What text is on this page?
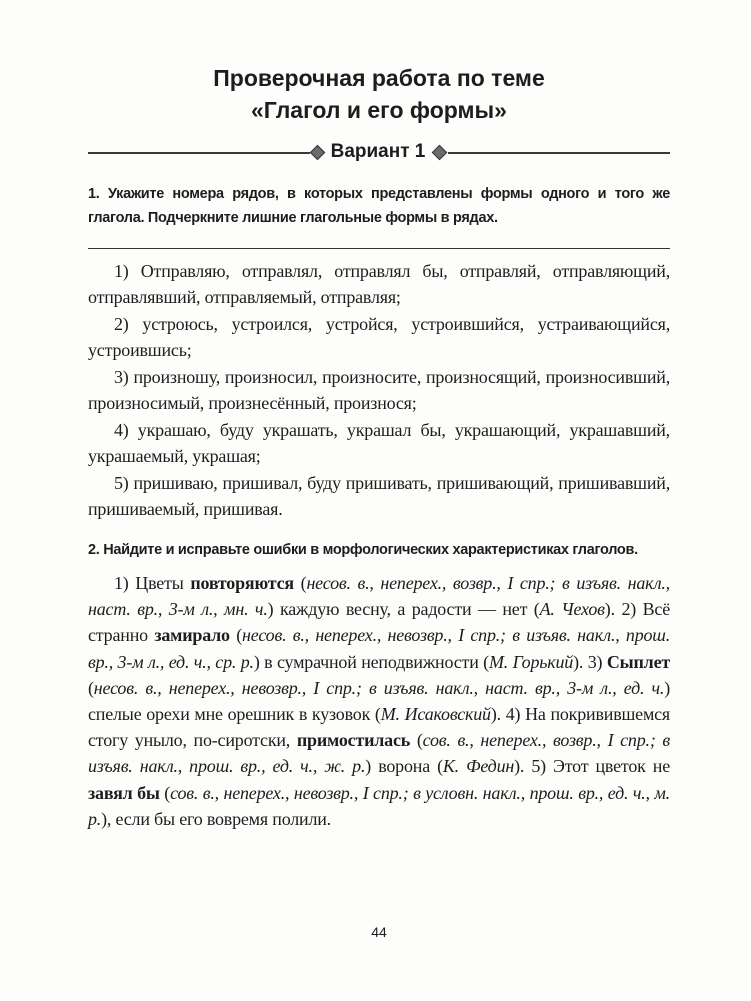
Проверочная работа по теме
«Глагол и его формы»
Вариант 1
1. Укажите номера рядов, в которых представлены формы одного и того же глагола. Подчеркните лишние глагольные формы в рядах.

1) Отправляю, отправлял, отправлял бы, отправляй, отправляющий, отправлявший, отправляемый, отправляя;

2) устроюсь, устроился, устройся, устроившийся, устраивающийся, устроившись;

3) произношу, произносил, произносите, произносящий, произносивший, произносимый, произнесённый, произнося;

4) украшаю, буду украшать, украшал бы, украшающий, украшавший, украшаемый, украшая;

5) пришиваю, пришивал, буду пришивать, пришивающий, пришивавший, пришиваемый, пришивая.

2. Найдите и исправьте ошибки в морфологических характеристиках глаголов.

1) Цветы повторяются (несов. в., неперех., возвр., I спр.; в изъяв. накл., наст. вр., 3-м л., мн. ч.) каждую весну, а радости — нет (А. Чехов). 2) Всё странно замирало (несов. в., неперех., невозвр., I спр.; в изъяв. накл., прош. вр., 3-м л., ед. ч., ср. р.) в сумрачной неподвижности (М. Горький). 3) Сыплет (несов. в., неперех., невозвр., I спр.; в изъяв. накл., наст. вр., 3-м л., ед. ч.) спелые орехи мне орешник в кузовок (М. Исаковский). 4) На покривившемся стогу уныло, по-сиротски, примостилась (сов. в., неперех., возвр., I спр.; в изъяв. накл., прош. вр., ед. ч., ж. р.) ворона (К. Федин). 5) Этот цветок не завял бы (сов. в., неперех., невозвр., I спр.; в условн. накл., прош. вр., ед. ч., м. р.), если бы его вовремя полили.

44
